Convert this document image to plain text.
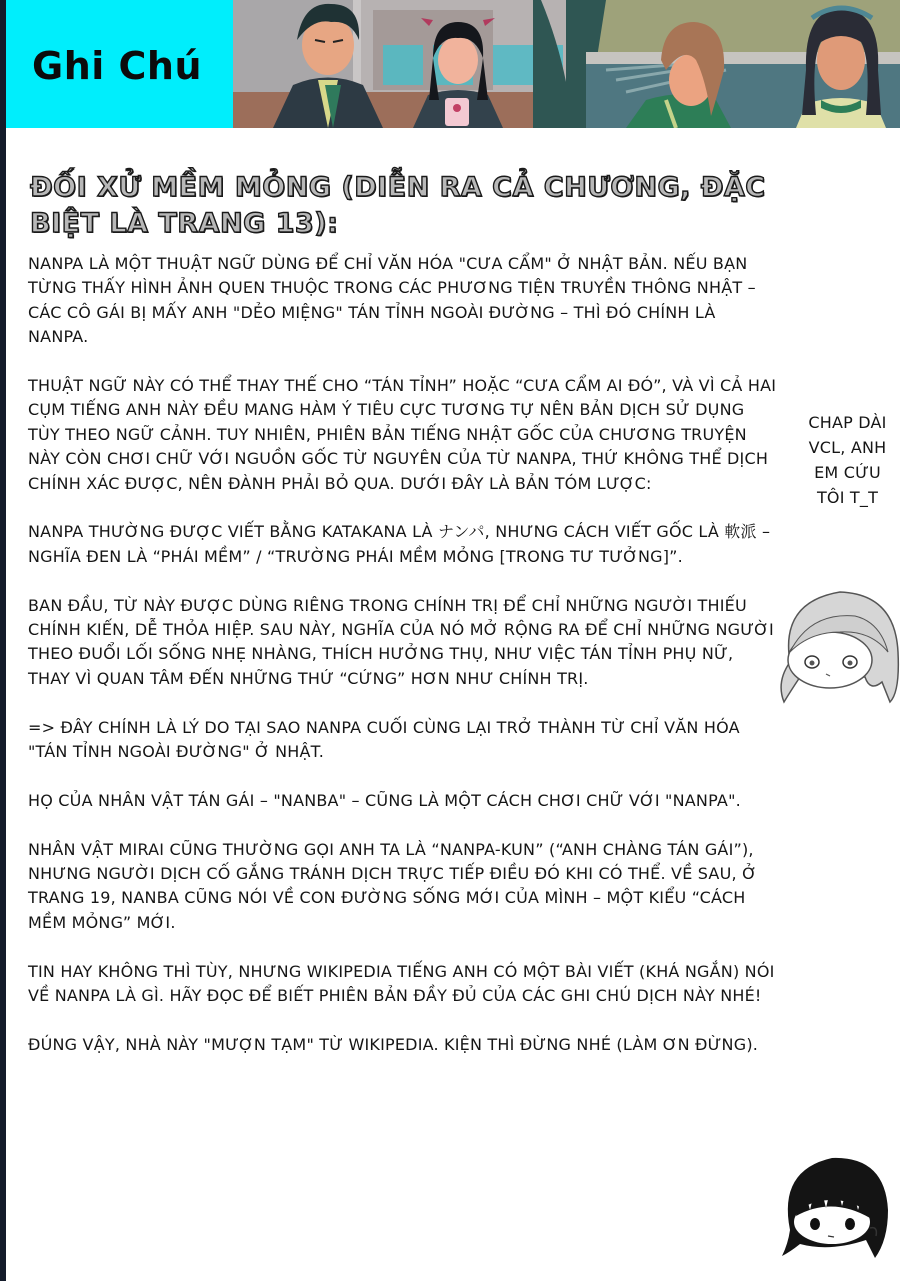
Ghi Chú
ĐỐI XỬ MỀM MỎNG (DIỄN RA CẢ CHƯƠNG, ĐẶC BIỆT LÀ TRANG 13):

NANPA LÀ MỘT THUẬT NGỮ DÙNG ĐỂ CHỈ VĂN HÓA "CƯA CẨM" Ở NHẬT BẢN. NẾU BẠN TỪNG THẤY HÌNH ẢNH QUEN THUỘC TRONG CÁC PHƯƠNG TIỆN TRUYỀN THÔNG NHẬT – CÁC CÔ GÁI BỊ MẤY ANH "DẺO MIỆNG" TÁN TỈNH NGOÀI ĐƯỜNG – THÌ ĐÓ CHÍNH LÀ NANPA.

THUẬT NGỮ NÀY CÓ THỂ THAY THẾ CHO “TÁN TỈNH” HOẶC “CƯA CẨM AI ĐÓ”, VÀ VÌ CẢ HAI CỤM TIẾNG ANH NÀY ĐỀU MANG HÀM Ý TIÊU CỰC TƯƠNG TỰ NÊN BẢN DỊCH SỬ DỤNG TÙY THEO NGỮ CẢNH. TUY NHIÊN, PHIÊN BẢN TIẾNG NHẬT GỐC CỦA CHƯƠNG TRUYỆN NÀY CÒN CHƠI CHỮ VỚI NGUỒN GỐC TỪ NGUYÊN CỦA TỪ NANPA, THỨ KHÔNG THỂ DỊCH CHÍNH XÁC ĐƯỢC, NÊN ĐÀNH PHẢI BỎ QUA. DƯỚI ĐÂY LÀ BẢN TÓM LƯỢC:

NANPA THƯỜNG ĐƯỢC VIẾT BẰNG KATAKANA LÀ ナンパ, NHƯNG CÁCH VIẾT GỐC LÀ 軟派 – NGHĨA ĐEN LÀ “PHÁI MỀM” / “TRƯỜNG PHÁI MỀM MỎNG [TRONG TƯ TƯỞNG]”.

BAN ĐẦU, TỪ NÀY ĐƯỢC DÙNG RIÊNG TRONG CHÍNH TRỊ ĐỂ CHỈ NHỮNG NGƯỜI THIẾU CHÍNH KIẾN, DỄ THỎA HIỆP. SAU NÀY, NGHĨA CỦA NÓ MỞ RỘNG RA ĐỂ CHỈ NHỮNG NGƯỜI THEO ĐUỔI LỐI SỐNG NHẸ NHÀNG, THÍCH HƯỞNG THỤ, NHƯ VIỆC TÁN TỈNH PHỤ NỮ, THAY VÌ QUAN TÂM ĐẾN NHỮNG THỨ “CỨNG” HƠN NHƯ CHÍNH TRỊ.

=> ĐÂY CHÍNH LÀ LÝ DO TẠI SAO NANPA CUỐI CÙNG LẠI TRỞ THÀNH TỪ CHỈ VĂN HÓA "TÁN TỈNH NGOÀI ĐƯỜNG" Ở NHẬT.

HỌ CỦA NHÂN VẬT TÁN GÁI – "NANBA" – CŨNG LÀ MỘT CÁCH CHƠI CHỮ VỚI "NANPA".

NHÂN VẬT MIRAI CŨNG THƯỜNG GỌI ANH TA LÀ “NANPA-KUN” (“ANH CHÀNG TÁN GÁI”), NHƯNG NGƯỜI DỊCH CỐ GẮNG TRÁNH DỊCH TRỰC TIẾP ĐIỀU ĐÓ KHI CÓ THỂ. VỀ SAU, Ở TRANG 19, NANBA CŨNG NÓI VỀ CON ĐƯỜNG SỐNG MỚI CỦA MÌNH – MỘT KIỂU “CÁCH MỀM MỎNG” MỚI.

TIN HAY KHÔNG THÌ TÙY, NHƯNG WIKIPEDIA TIẾNG ANH CÓ MỘT BÀI VIẾT (KHÁ NGẮN) NÓI VỀ NANPA LÀ GÌ. HÃY ĐỌC ĐỂ BIẾT PHIÊN BẢN ĐẦY ĐỦ CỦA CÁC GHI CHÚ DỊCH NÀY NHÉ!

ĐÚNG VẬY, NHÀ NÀY "MƯỢN TẠM" TỪ WIKIPEDIA. KIỆN THÌ ĐỪNG NHÉ (LÀM ƠN ĐỪNG).

CHAP DÀI
VCL, ANH
EM CỨU
TÔI T_T
